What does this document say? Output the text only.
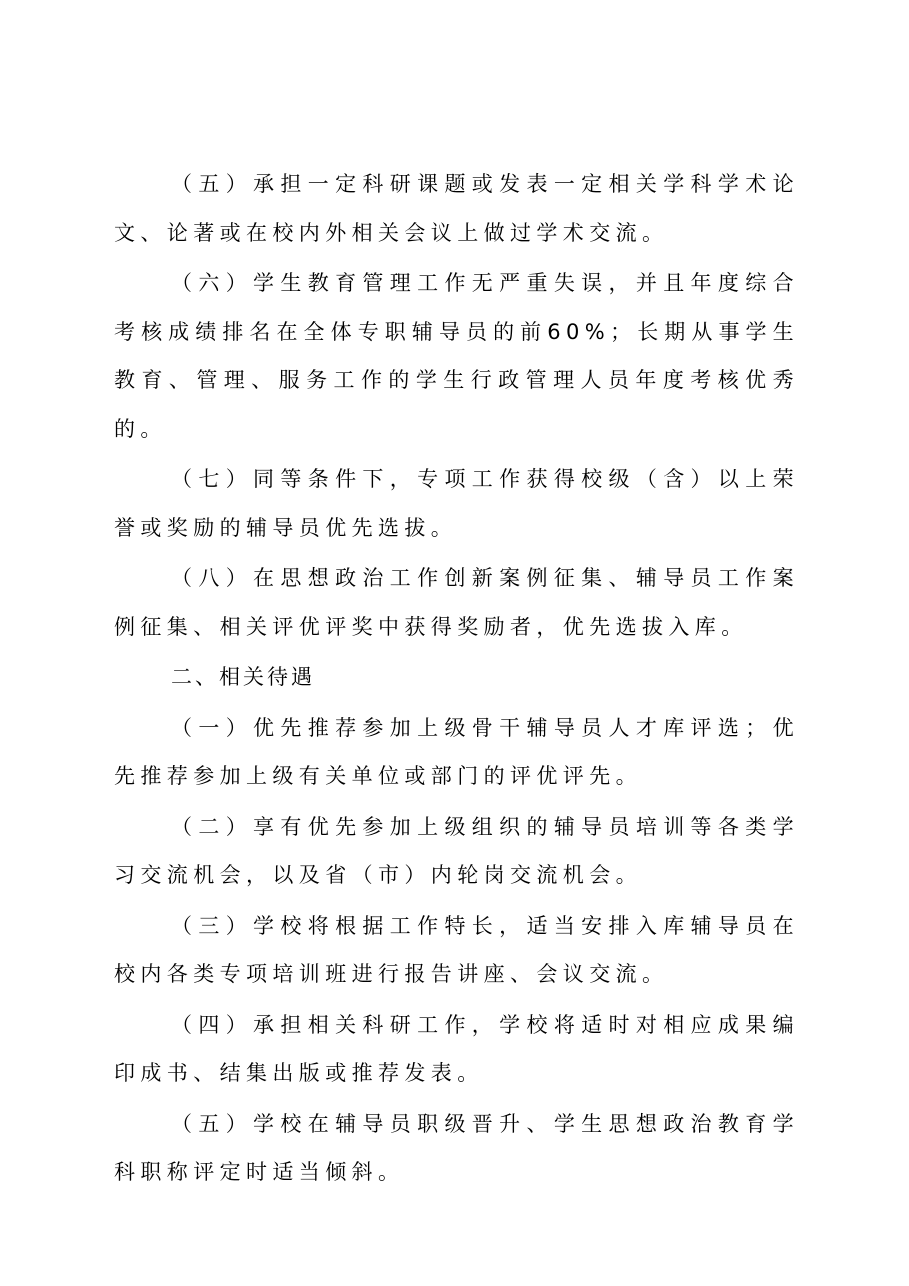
（五）承担一定科研课题或发表一定相关学科学术论文、论著或在校内外相关会议上做过学术交流。

（六）学生教育管理工作无严重失误，并且年度综合考核成绩排名在全体专职辅导员的前60%；长期从事学生教育、管理、服务工作的学生行政管理人员年度考核优秀的。

（七）同等条件下，专项工作获得校级（含）以上荣誉或奖励的辅导员优先选拔。

（八）在思想政治工作创新案例征集、辅导员工作案例征集、相关评优评奖中获得奖励者，优先选拔入库。

二、相关待遇

（一）优先推荐参加上级骨干辅导员人才库评选；优先推荐参加上级有关单位或部门的评优评先。

（二）享有优先参加上级组织的辅导员培训等各类学习交流机会，以及省（市）内轮岗交流机会。

（三）学校将根据工作特长，适当安排入库辅导员在校内各类专项培训班进行报告讲座、会议交流。

（四）承担相关科研工作，学校将适时对相应成果编印成书、结集出版或推荐发表。

（五）学校在辅导员职级晋升、学生思想政治教育学科职称评定时适当倾斜。
